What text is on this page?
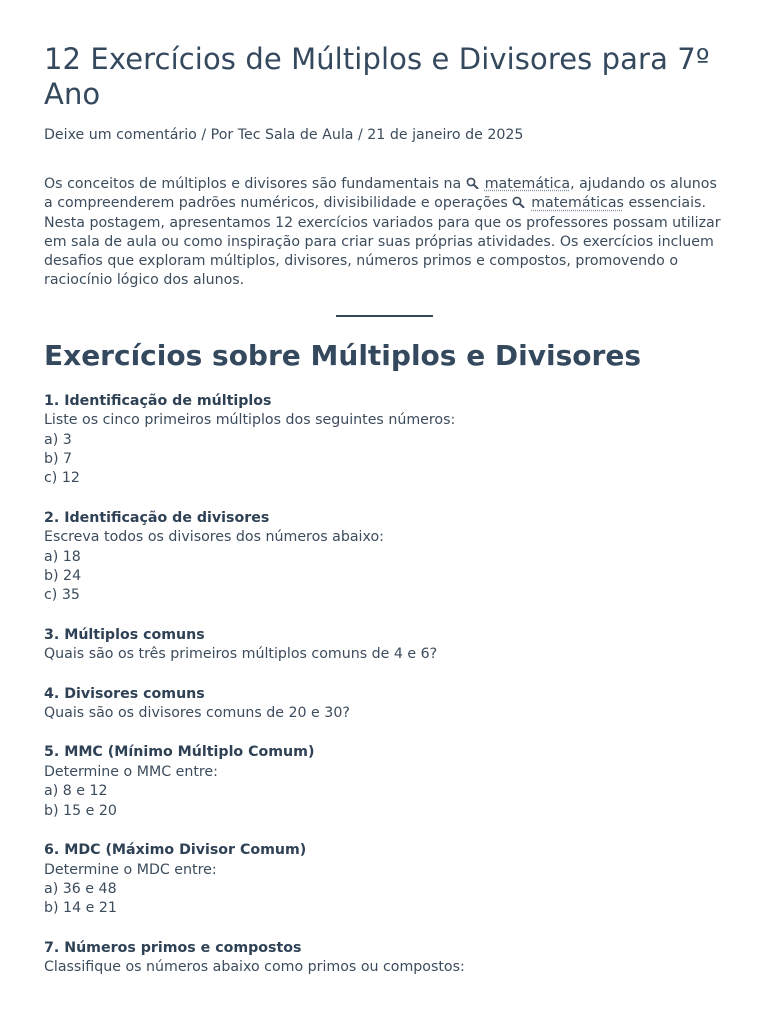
12 Exercícios de Múltiplos e Divisores para 7º Ano
Deixe um comentário / Por Tec Sala de Aula / 21 de janeiro de 2025

Os conceitos de múltiplos e divisores são fundamentais na matemática, ajudando os alunos a compreenderem padrões numéricos, divisibilidade e operações matemáticas essenciais. Nesta postagem, apresentamos 12 exercícios variados para que os professores possam utilizar em sala de aula ou como inspiração para criar suas próprias atividades. Os exercícios incluem desafios que exploram múltiplos, divisores, números primos e compostos, promovendo o raciocínio lógico dos alunos.

Exercícios sobre Múltiplos e Divisores
1. Identificação de múltiplos
Liste os cinco primeiros múltiplos dos seguintes números:
a) 3
b) 7
c) 12
2. Identificação de divisores
Escreva todos os divisores dos números abaixo:
a) 18
b) 24
c) 35
3. Múltiplos comuns
Quais são os três primeiros múltiplos comuns de 4 e 6?
4. Divisores comuns
Quais são os divisores comuns de 20 e 30?
5. MMC (Mínimo Múltiplo Comum)
Determine o MMC entre:
a) 8 e 12
b) 15 e 20
6. MDC (Máximo Divisor Comum)
Determine o MDC entre:
a) 36 e 48
b) 14 e 21
7. Números primos e compostos
Classifique os números abaixo como primos ou compostos:
